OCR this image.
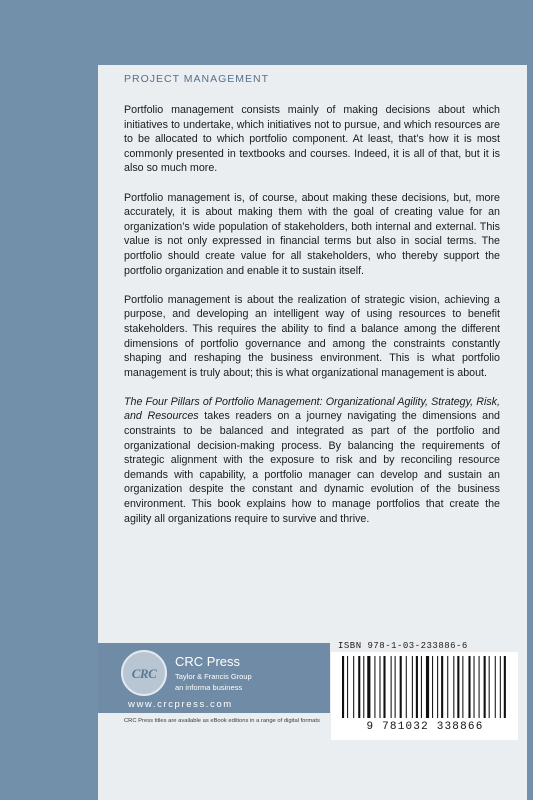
PROJECT MANAGEMENT

Portfolio management consists mainly of making decisions about which initiatives to undertake, which initiatives not to pursue, and which resources are to be allocated to which portfolio component. At least, that’s how it is most commonly presented in textbooks and courses. Indeed, it is all of that, but it is also so much more.

Portfolio management is, of course, about making these decisions, but, more accurately, it is about making them with the goal of creating value for an organization’s wide population of stakeholders, both internal and external. This value is not only expressed in financial terms but also in social terms. The portfolio should create value for all stakeholders, who thereby support the portfolio organization and enable it to sustain itself.

Portfolio management is about the realization of strategic vision, achieving a purpose, and developing an intelligent way of using resources to benefit stakeholders. This requires the ability to find a balance among the different dimensions of portfolio governance and among the constraints constantly shaping and reshaping the business environment. This is what portfolio management is truly about; this is what organizational management is about.

The Four Pillars of Portfolio Management: Organizational Agility, Strategy, Risk, and Resources takes readers on a journey navigating the dimensions and constraints to be balanced and integrated as part of the portfolio and organizational decision-making process. By balancing the requirements of strategic alignment with the exposure to risk and by reconciling resource demands with capability, a portfolio manager can develop and sustain an organization despite the constant and dynamic evolution of the business environment. This book explains how to manage portfolios that create the agility all organizations require to survive and thrive.

CRC
CRC Press
Taylor & Francis Group
an informa business
www.crcpress.com
CRC Press titles are available as eBook editions in a range of digital formats
ISBN 978-1-03-233886-6
9 781032 338866
